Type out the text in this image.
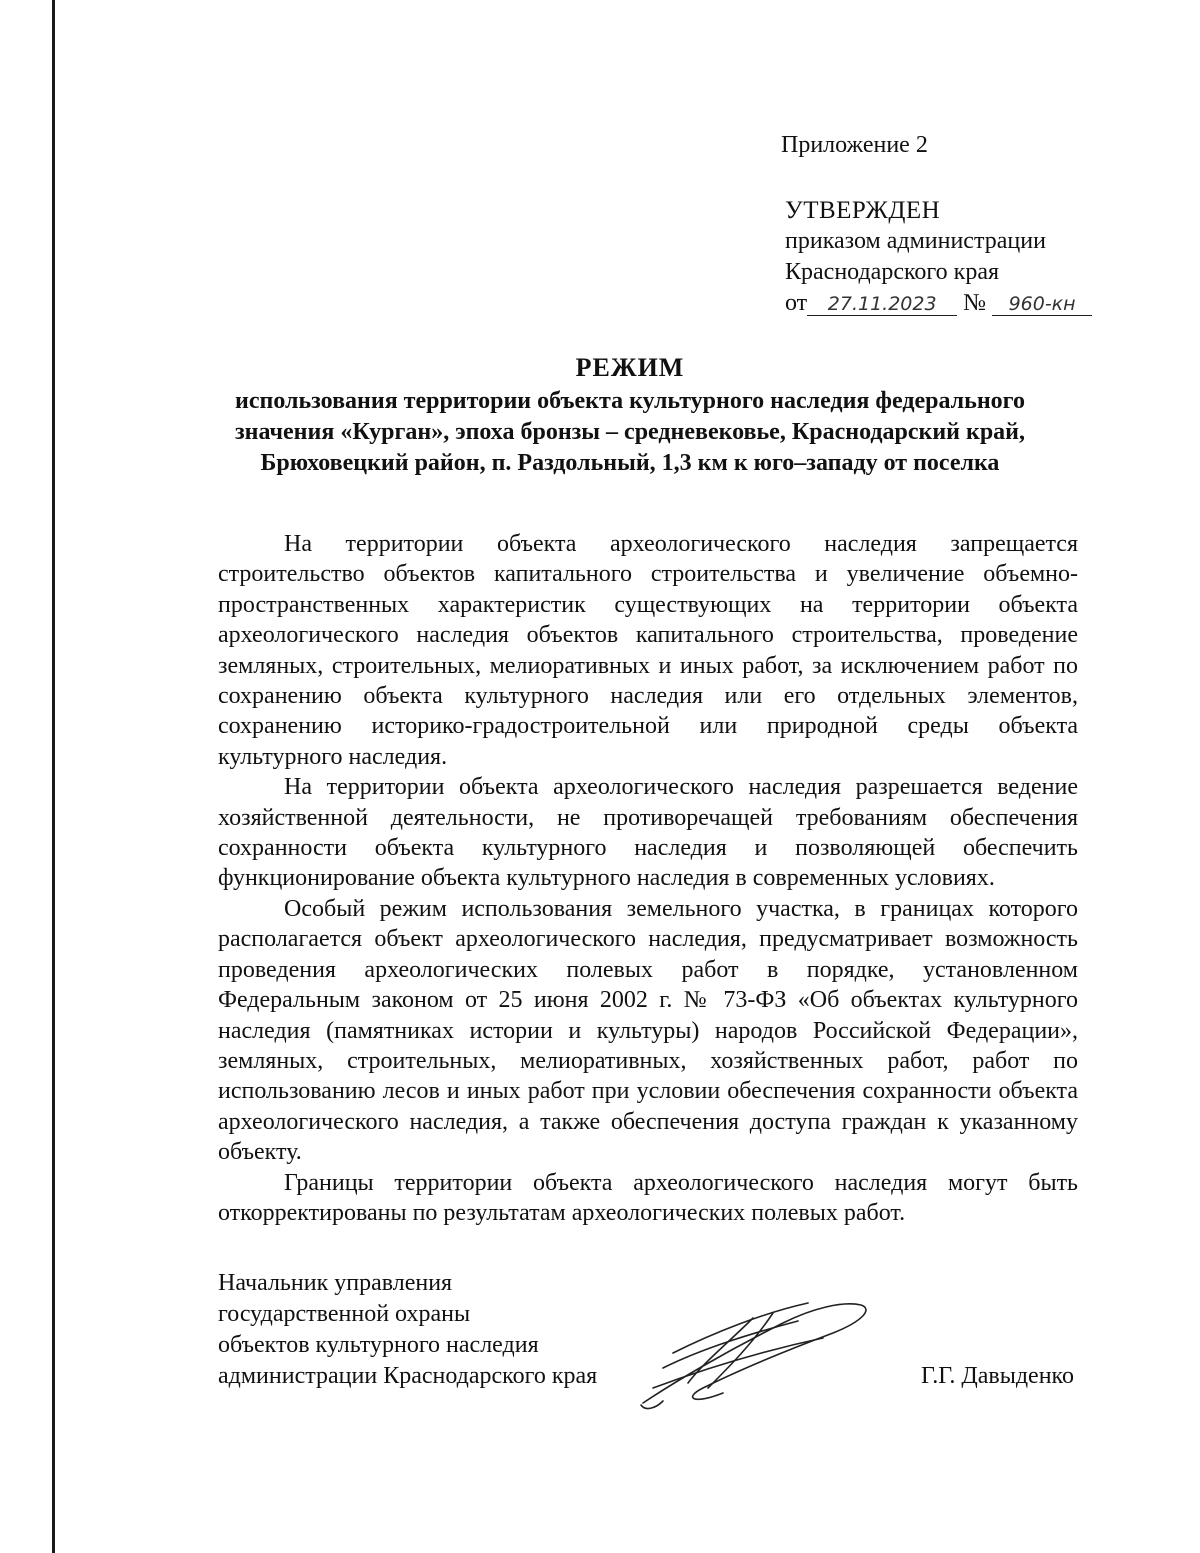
Приложение 2
УТВЕРЖДЕН
приказом администрации
Краснодарского края
от 27.11.2023 № 960-кн
РЕЖИМ
использования территории объекта культурного наследия федерального
значения «Курган», эпоха бронзы – средневековье, Краснодарский край,
Брюховецкий район, п. Раздольный, 1,3 км к юго–западу от поселка

На территории объекта археологического наследия запрещается строительство объектов капитального строительства и увеличение объемно-пространственных характеристик существующих на территории объекта археологического наследия объектов капитального строительства, проведение земляных, строительных, мелиоративных и иных работ, за исключением работ по сохранению объекта культурного наследия или его отдельных элементов, сохранению историко-градостроительной или природной среды объекта культурного наследия.

На территории объекта археологического наследия разрешается ведение хозяйственной деятельности, не противоречащей требованиям обеспечения сохранности объекта культурного наследия и позволяющей обеспечить функционирование объекта культурного наследия в современных условиях.

Особый режим использования земельного участка, в границах которого располагается объект археологического наследия, предусматривает возможность проведения археологических полевых работ в порядке, установленном Федеральным законом от 25 июня 2002 г. № 73-ФЗ «Об объектах культурного наследия (памятниках истории и культуры) народов Российской Федерации», земляных, строительных, мелиоративных, хозяйственных работ, работ по использованию лесов и иных работ при условии обеспечения сохранности объекта археологического наследия, а также обеспечения доступа граждан к указанному объекту.

Границы территории объекта археологического наследия могут быть откорректированы по результатам археологических полевых работ.

Начальник управления
государственной охраны
объектов культурного наследия
администрации Краснодарского края	Г.Г. Давыденко
